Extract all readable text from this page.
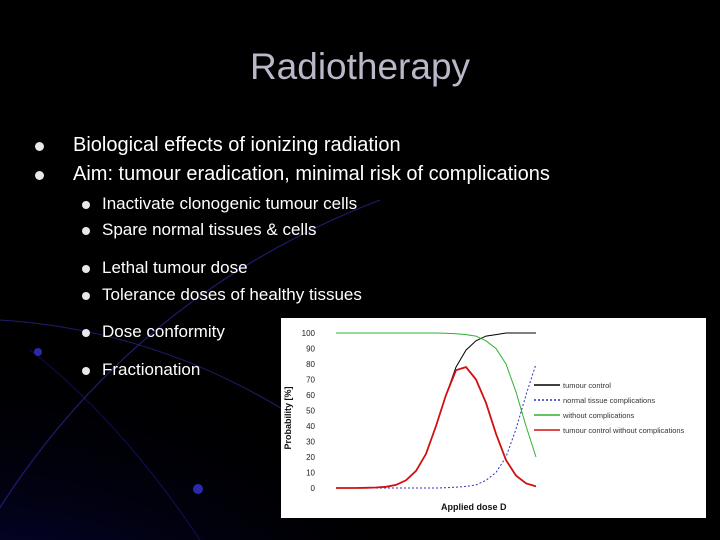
Radiotherapy
Biological effects of ionizing radiation
Aim: tumour eradication, minimal risk of complications
Inactivate clonogenic tumour cells
Spare normal tissues & cells
Lethal tumour dose
Tolerance doses of healthy tissues
Dose conformity
Fractionation
0
10
20
30
40
50
60
70
80
90
100
tumour control
normal tissue complications
without complications
tumour control without complications
Applied dose D
Probability [%]
